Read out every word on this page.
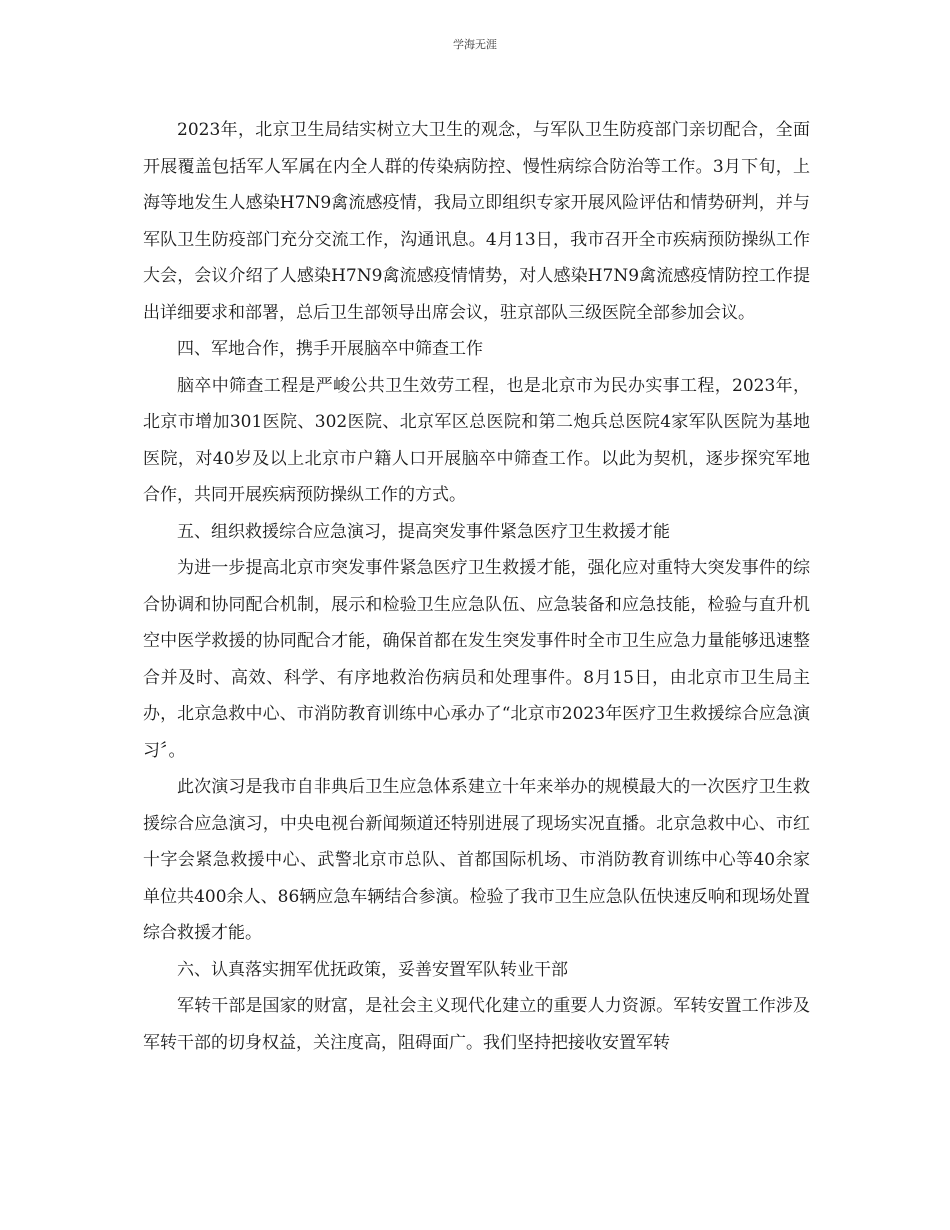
学海无涯

2023年，北京卫生局结实树立大卫生的观念，与军队卫生防疫部门亲切配合，全面开展覆盖包括军人军属在内全人群的传染病防控、慢性病综合防治等工作。3月下旬，上海等地发生人感染H7N9禽流感疫情，我局立即组织专家开展风险评估和情势研判，并与军队卫生防疫部门充分交流工作，沟通讯息。4月13日，我市召开全市疾病预防操纵工作大会，会议介绍了人感染H7N9禽流感疫情情势，对人感染H7N9禽流感疫情防控工作提出详细要求和部署，总后卫生部领导出席会议，驻京部队三级医院全部参加会议。

四、军地合作，携手开展脑卒中筛查工作

脑卒中筛查工程是严峻公共卫生效劳工程，也是北京市为民办实事工程，2023年，北京市增加301医院、302医院、北京军区总医院和第二炮兵总医院4家军队医院为基地医院，对40岁及以上北京市户籍人口开展脑卒中筛查工作。以此为契机，逐步探究军地合作，共同开展疾病预防操纵工作的方式。

五、组织救援综合应急演习，提高突发事件紧急医疗卫生救援才能

为进一步提高北京市突发事件紧急医疗卫生救援才能，强化应对重特大突发事件的综合协调和协同配合机制，展示和检验卫生应急队伍、应急装备和应急技能，检验与直升机空中医学救援的协同配合才能，确保首都在发生突发事件时全市卫生应急力量能够迅速整合并及时、高效、科学、有序地救治伤病员和处理事件。8月15日，由北京市卫生局主办，北京急救中心、市消防教育训练中心承办了“北京市2023年医疗卫生救援综合应急演习〞。

此次演习是我市自非典后卫生应急体系建立十年来举办的规模最大的一次医疗卫生救援综合应急演习，中央电视台新闻频道还特别进展了现场实况直播。北京急救中心、市红十字会紧急救援中心、武警北京市总队、首都国际机场、市消防教育训练中心等40余家单位共400余人、86辆应急车辆结合参演。检验了我市卫生应急队伍快速反响和现场处置综合救援才能。

六、认真落实拥军优抚政策，妥善安置军队转业干部

军转干部是国家的财富，是社会主义现代化建立的重要人力资源。军转安置工作涉及军转干部的切身权益，关注度高，阻碍面广。我们坚持把接收安置军转
